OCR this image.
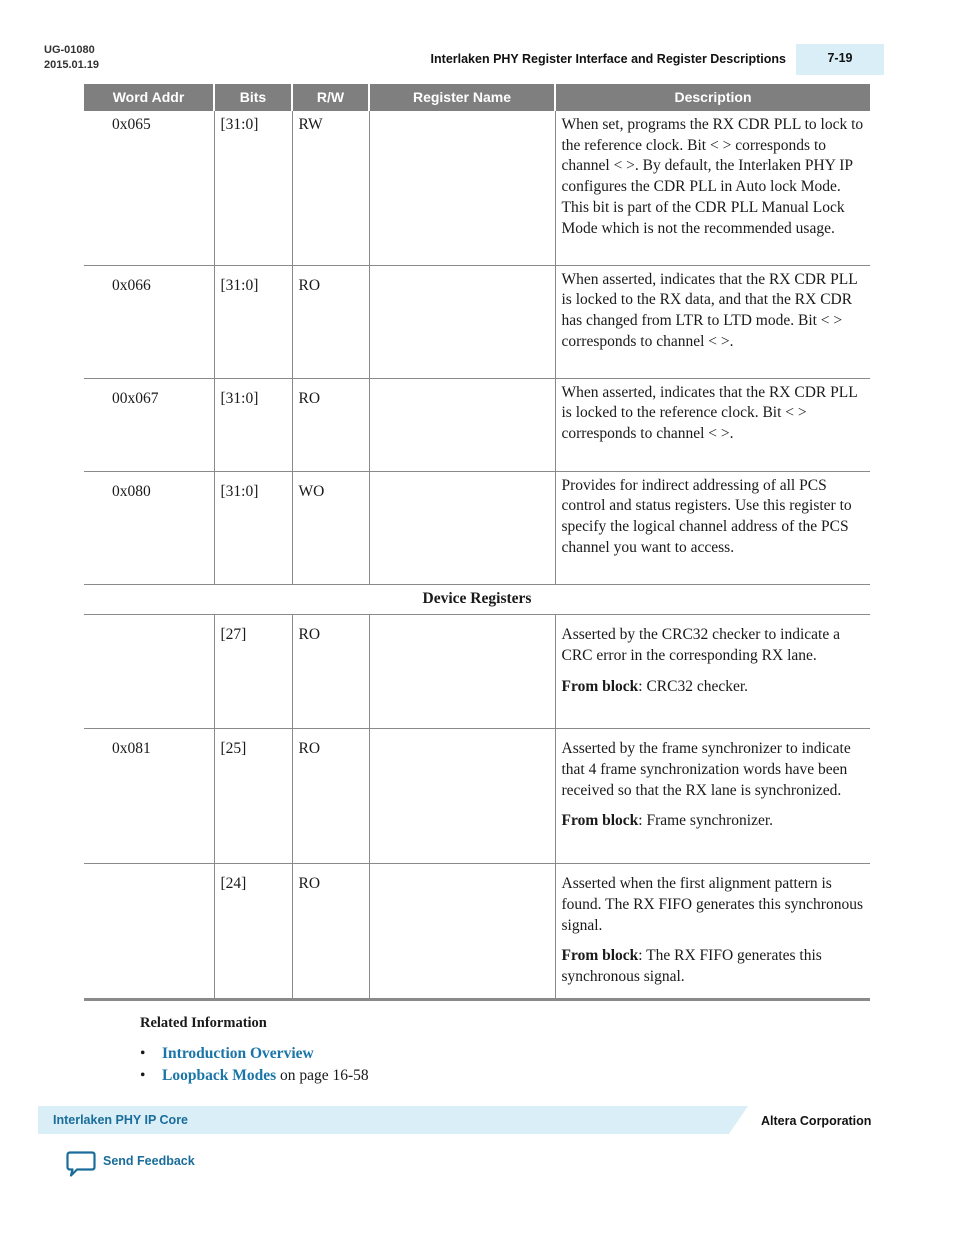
UG-01080
2015.01.19	Interlaken PHY Register Interface and Register Descriptions	7-19
Word Addr	Bits	R/W	Register Name	Description
0x065	[31:0]	RW		When set, programs the RX CDR PLL to lock to the reference clock. Bit < > corresponds to channel < >. By default, the Interlaken PHY IP configures the CDR PLL in Auto lock Mode. This bit is part of the CDR PLL Manual Lock Mode which is not the recommended usage.

0x066	[31:0]	RO		When asserted, indicates that the RX CDR PLL is locked to the RX data, and that the RX CDR has changed from LTR to LTD mode. Bit < > corresponds to channel < >.

00x067	[31:0]	RO		When asserted, indicates that the RX CDR PLL is locked to the reference clock. Bit < > corresponds to channel < >.

0x080	[31:0]	WO		Provides for indirect addressing of all PCS control and status registers. Use this register to specify the logical channel address of the PCS channel you want to access.

Device Registers				
	[27]	RO		Asserted by the CRC32 checker to indicate a CRC error in the corresponding RX lane.

From block: CRC32 checker.

0x081	[25]	RO		Asserted by the frame synchronizer to indicate that 4 frame synchronization words have been received so that the RX lane is synchronized.

From block: Frame synchronizer.

	[24]	RO		Asserted when the first alignment pattern is found. The RX FIFO generates this synchronous signal.

From block: The RX FIFO generates this synchronous signal.

Related Information
• Introduction Overview
• Loopback Modes on page 16-58
Interlaken PHY IP Core	Altera Corporation
Send Feedback
